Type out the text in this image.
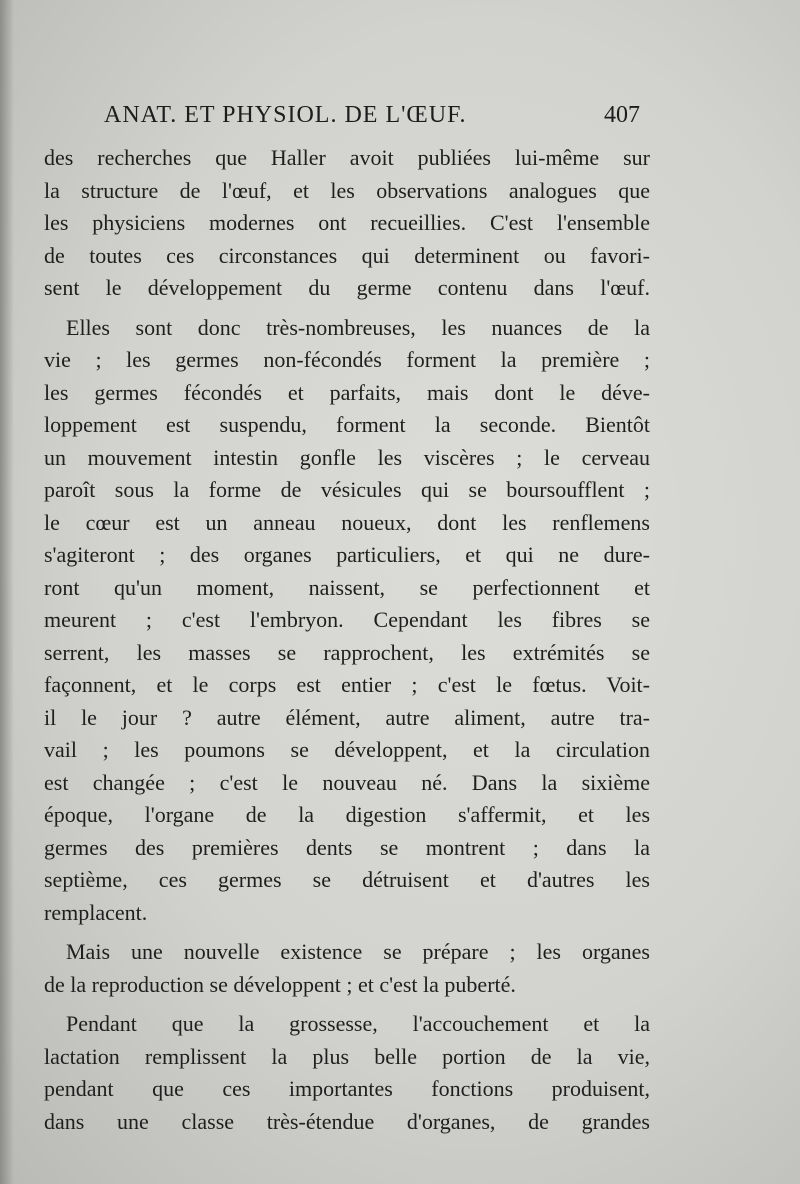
ANAT. ET PHYSIOL. DE L'ŒUF.	407

des recherches que Haller avoit publiées lui-même sur
la structure de l'œuf, et les observations analogues que
les physiciens modernes ont recueillies. C'est l'ensemble
de toutes ces circonstances qui determinent ou favori-
sent le développement du germe contenu dans l'œuf.

Elles sont donc très-nombreuses, les nuances de la
vie ; les germes non-fécondés forment la première ;
les germes fécondés et parfaits, mais dont le déve-
loppement est suspendu, forment la seconde. Bientôt
un mouvement intestin gonfle les viscères ; le cerveau
paroît sous la forme de vésicules qui se boursoufflent ;
le cœur est un anneau noueux, dont les renflemens
s'agiteront ; des organes particuliers, et qui ne dure-
ront qu'un moment, naissent, se perfectionnent et
meurent ; c'est l'embryon. Cependant les fibres se
serrent, les masses se rapprochent, les extrémités se
façonnent, et le corps est entier ; c'est le fœtus. Voit-
il le jour ? autre élément, autre aliment, autre tra-
vail ; les poumons se développent, et la circulation
est changée ; c'est le nouveau né. Dans la sixième
époque, l'organe de la digestion s'affermit, et les
germes des premières dents se montrent ; dans la
septième, ces germes se détruisent et d'autres les
remplacent.

Mais une nouvelle existence se prépare ; les organes
de la reproduction se développent ; et c'est la puberté.

Pendant que la grossesse, l'accouchement et la
lactation remplissent la plus belle portion de la vie,
pendant que ces importantes fonctions produisent,
dans une classe très-étendue d'organes, de grandes
